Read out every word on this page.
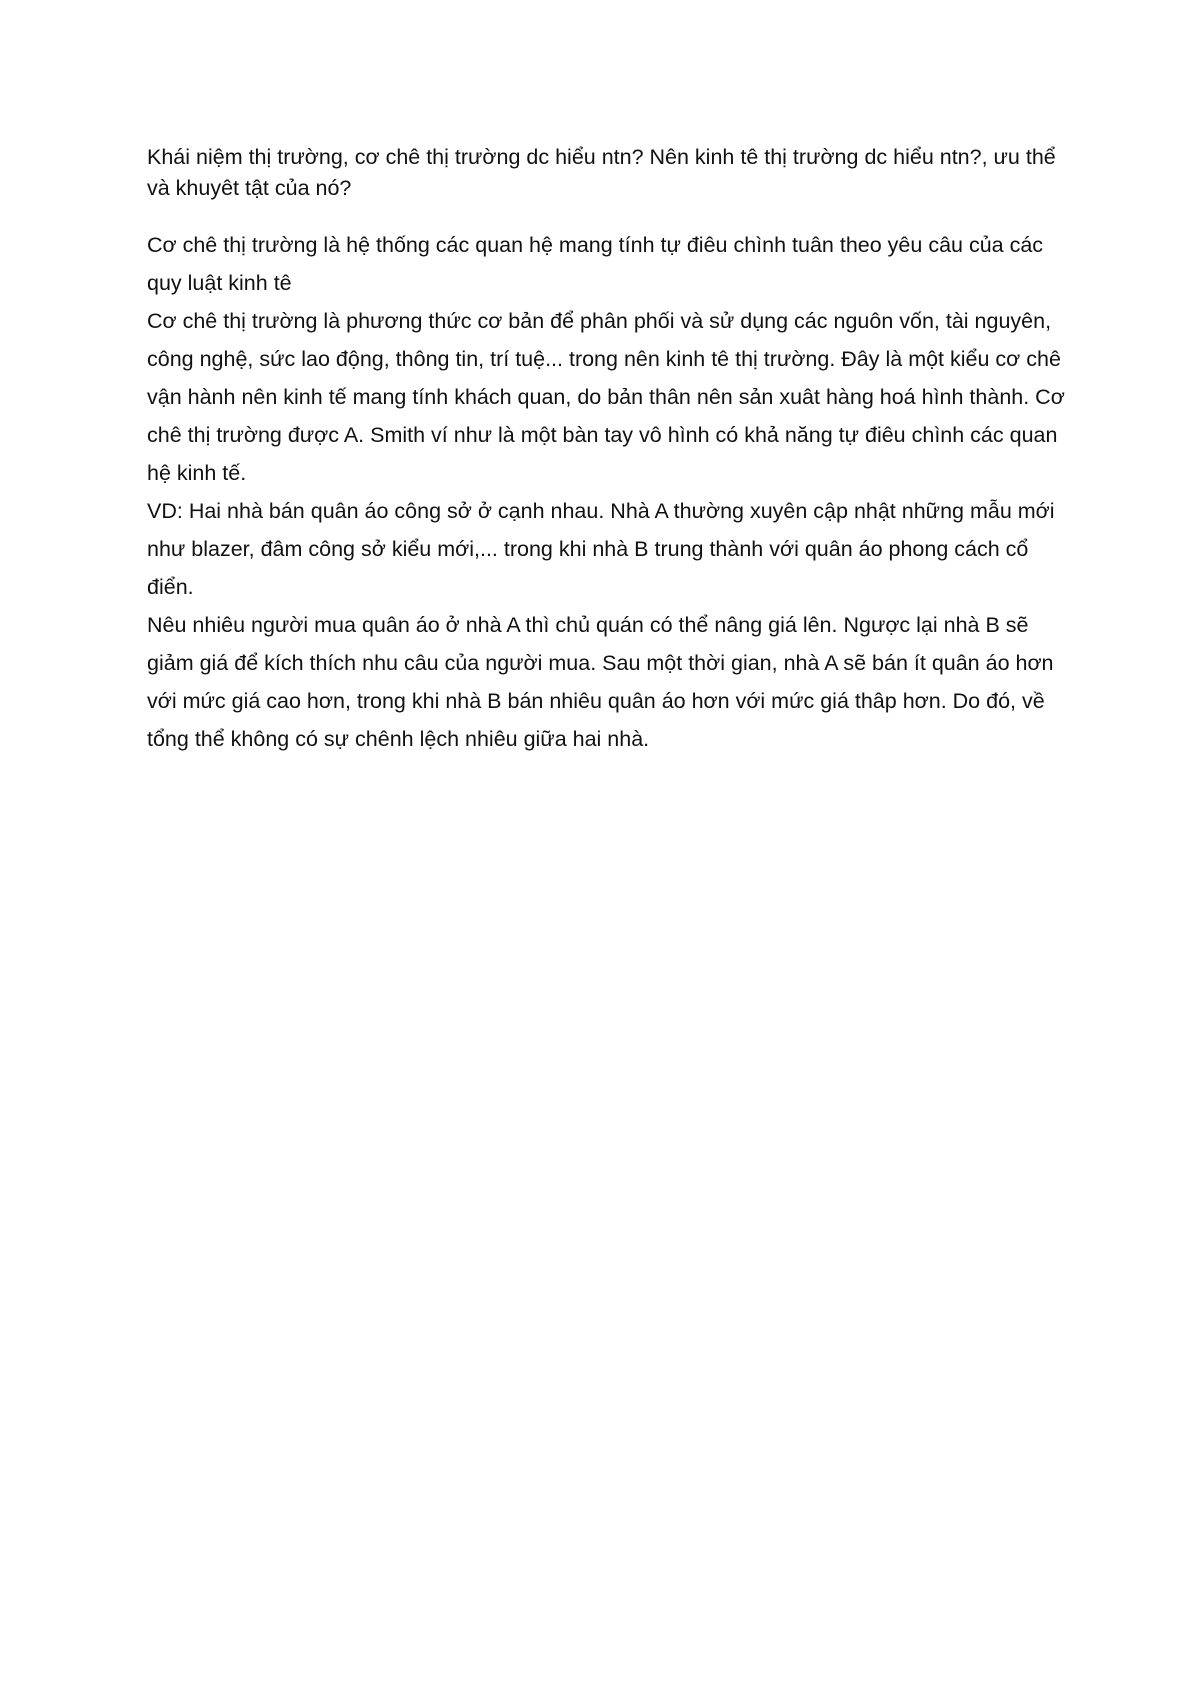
Khái niệm thị trường, cơ chê thị trường dc hiểu ntn? Nên kinh tê thị trường dc hiểu ntn?, ưu thể và khuyêt tật của nó?

Cơ chê thị trường là hệ thống các quan hệ mang tính tự điêu chình tuân theo yêu câu của các quy luật kinh tê

Cơ chê thị trường là phương thức cơ bản để phân phối và sử dụng các nguôn vốn, tài nguyên, công nghệ, sức lao động, thông tin, trí tuệ... trong nên kinh tê thị trường. Đây là một kiểu cơ chê vận hành nên kinh tế mang tính khách quan, do bản thân nên sản xuât hàng hoá hình thành. Cơ chê thị trường được A. Smith ví như là một bàn tay vô hình có khả năng tự điêu chình các quan hệ kinh tế.

VD: Hai nhà bán quân áo công sở ở cạnh nhau. Nhà A thường xuyên cập nhật những mẫu mới như blazer, đâm công sở kiểu mới,... trong khi nhà B trung thành với quân áo phong cách cổ điển.

Nêu nhiêu người mua quân áo ở nhà A thì chủ quán có thể nâng giá lên. Ngược lại nhà B sẽ giảm giá để kích thích nhu câu của người mua. Sau một thời gian, nhà A sẽ bán ít quân áo hơn với mức giá cao hơn, trong khi nhà B bán nhiêu quân áo hơn với mức giá thâp hơn. Do đó, về tổng thể không có sự chênh lệch nhiêu giữa hai nhà.
